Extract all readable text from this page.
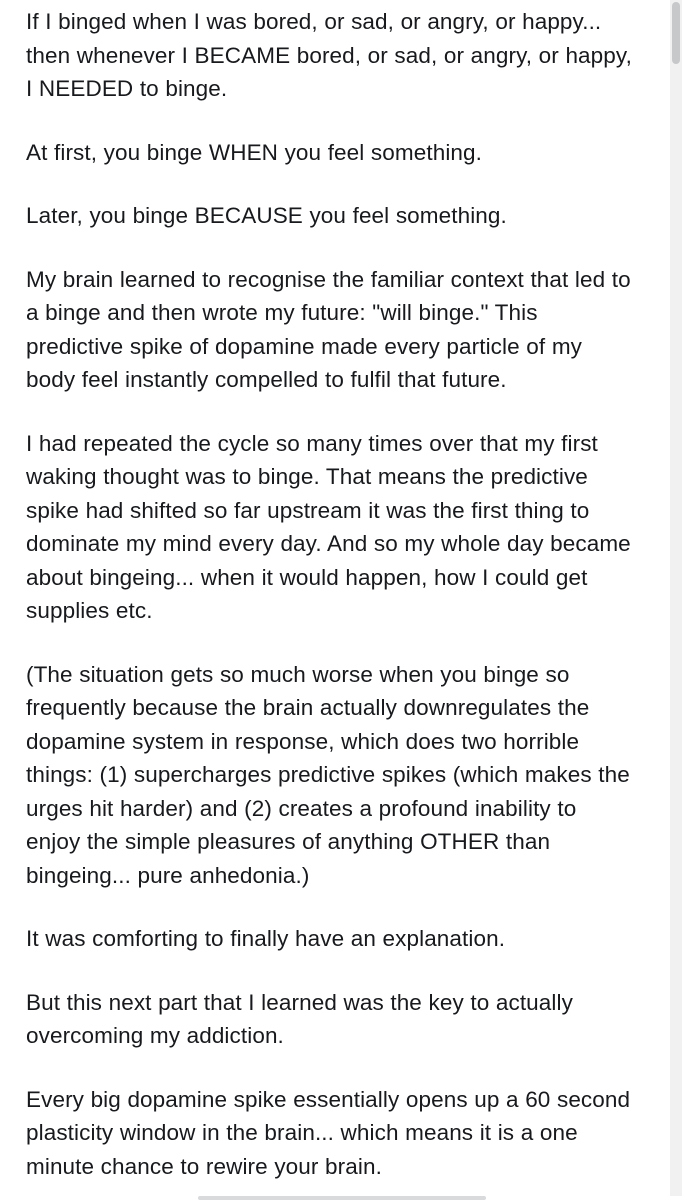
If I binged when I was bored, or sad, or angry, or happy... then whenever I BECAME bored, or sad, or angry, or happy, I NEEDED to binge.

At first, you binge WHEN you feel something.

Later, you binge BECAUSE you feel something.

My brain learned to recognise the familiar context that led to a binge and then wrote my future: "will binge." This predictive spike of dopamine made every particle of my body feel instantly compelled to fulfil that future.

I had repeated the cycle so many times over that my first waking thought was to binge. That means the predictive spike had shifted so far upstream it was the first thing to dominate my mind every day. And so my whole day became about bingeing... when it would happen, how I could get supplies etc.

(The situation gets so much worse when you binge so frequently because the brain actually downregulates the dopamine system in response, which does two horrible things: (1) supercharges predictive spikes (which makes the urges hit harder) and (2) creates a profound inability to enjoy the simple pleasures of anything OTHER than bingeing... pure anhedonia.)

It was comforting to finally have an explanation.

But this next part that I learned was the key to actually overcoming my addiction.

Every big dopamine spike essentially opens up a 60 second plasticity window in the brain... which means it is a one minute chance to rewire your brain.
